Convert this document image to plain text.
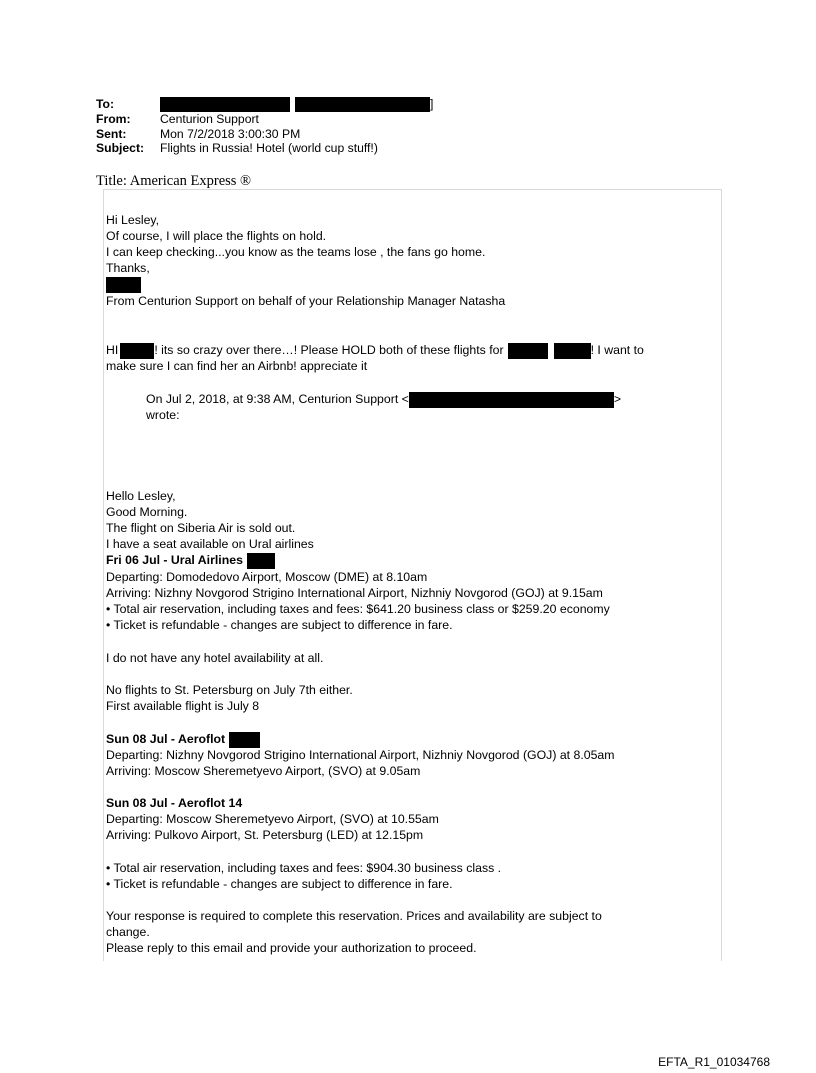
To:	]
From:	Centurion Support
Sent:	Mon 7/2/2018 3:00:30 PM
Subject:	Flights in Russia! Hotel (world cup stuff!)
Title: American Express ®
Hi Lesley,
Of course, I will place the flights on hold.
I can keep checking...you know as the teams lose , the fans go home.
Thanks,
From Centurion Support on behalf of your Relationship Manager Natasha
HI	! its so crazy over there…! Please HOLD both of these flights for	! I want to
make sure I can find her an Airbnb! appreciate it
On Jul 2, 2018, at 9:38 AM, Centurion Support <	>
wrote:
Hello Lesley,
Good Morning.
The flight on Siberia Air is sold out.
I have a seat available on Ural airlines
Fri 06 Jul - Ural Airlines
Departing: Domodedovo Airport, Moscow (DME) at 8.10am
Arriving: Nizhny Novgorod Strigino International Airport, Nizhniy Novgorod (GOJ) at 9.15am
• Total air reservation, including taxes and fees: $641.20 business class or $259.20 economy
• Ticket is refundable - changes are subject to difference in fare.
I do not have any hotel availability at all.
No flights to St. Petersburg on July 7th either.
First available flight is July 8
Sun 08 Jul - Aeroflot
Departing: Nizhny Novgorod Strigino International Airport, Nizhniy Novgorod (GOJ) at 8.05am
Arriving: Moscow Sheremetyevo Airport, (SVO) at 9.05am
Sun 08 Jul - Aeroflot 14
Departing: Moscow Sheremetyevo Airport, (SVO) at 10.55am
Arriving: Pulkovo Airport, St. Petersburg (LED) at 12.15pm
• Total air reservation, including taxes and fees: $904.30 business class .
• Ticket is refundable - changes are subject to difference in fare.
Your response is required to complete this reservation. Prices and availability are subject to
change.
Please reply to this email and provide your authorization to proceed.
EFTA_R1_01034768
